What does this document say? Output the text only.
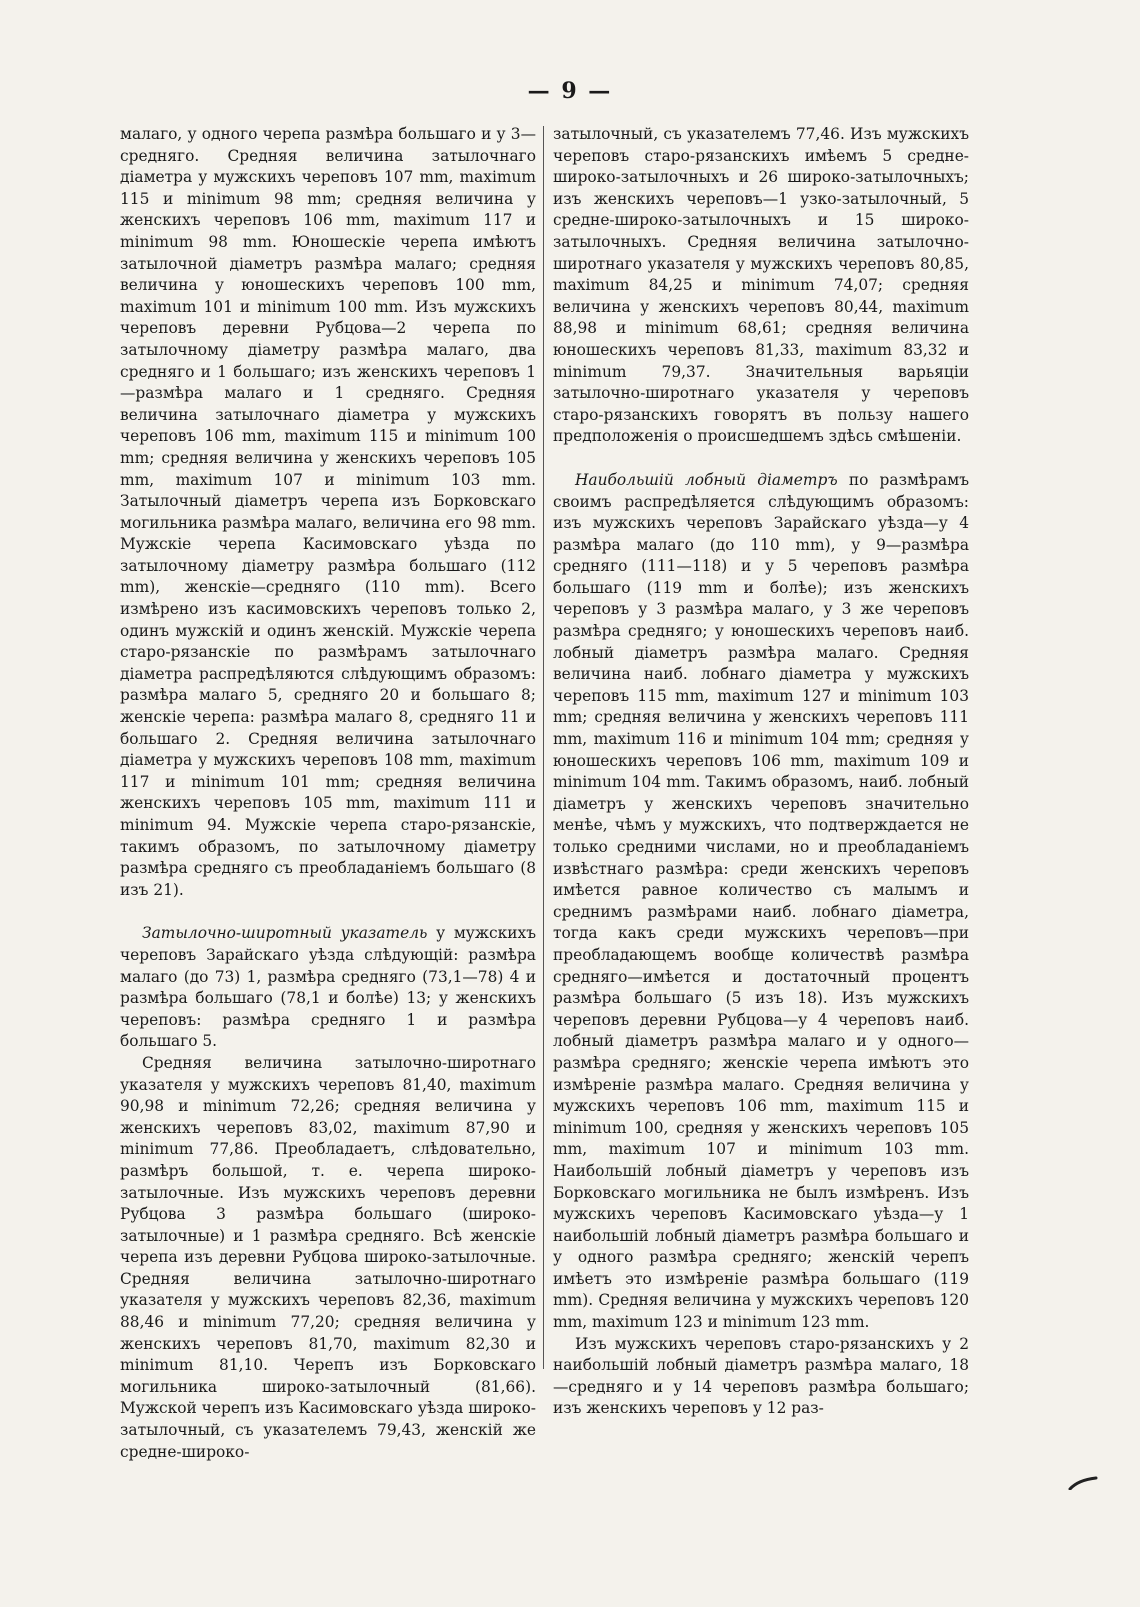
— 9 —

малаго, у одного черепа размѣра большаго и у 3—средняго. Средняя величина затылочнаго діаметра у мужскихъ череповъ 107 mm, maximum 115 и minimum 98 mm; средняя величина у женскихъ череповъ 106 mm, maximum 117 и minimum 98 mm. Юношескіе черепа имѣютъ затылочной діаметръ размѣра малаго; средняя величина у юношескихъ череповъ 100 mm, maximum 101 и minimum 100 mm. Изъ мужскихъ череповъ деревни Рубцова—2 черепа по затылочному діаметру размѣра малаго, два средняго и 1 большаго; изъ женскихъ череповъ 1—размѣра малаго и 1 средняго. Средняя величина затылочнаго діаметра у мужскихъ череповъ 106 mm, maximum 115 и minimum 100 mm; средняя величина у женскихъ череповъ 105 mm, maximum 107 и minimum 103 mm. Затылочный діаметръ черепа изъ Борковскаго могильника размѣра малаго, величина его 98 mm. Мужскіе черепа Касимовскаго уѣзда по затылочному діаметру размѣра большаго (112 mm), женскіе—средняго (110 mm). Всего измѣрено изъ касимовскихъ череповъ только 2, одинъ мужскій и одинъ женскій. Мужскіе черепа старо-рязанскіе по размѣрамъ затылочнаго діаметра распредѣляются слѣдующимъ образомъ: размѣра малаго 5, средняго 20 и большаго 8; женскіе черепа: размѣра малаго 8, средняго 11 и большаго 2. Средняя величина затылочнаго діаметра у мужскихъ череповъ 108 mm, maximum 117 и minimum 101 mm; средняя величина женскихъ череповъ 105 mm, maximum 111 и minimum 94. Мужскіе черепа старо-рязанскіе, такимъ образомъ, по затылочному діаметру размѣра средняго съ преобладаніемъ большаго (8 изъ 21).

Затылочно-широтный указатель у мужскихъ череповъ Зарайскаго уѣзда слѣдующій: размѣра малаго (до 73) 1, размѣра средняго (73,1—78) 4 и размѣра большаго (78,1 и болѣе) 13; у женскихъ череповъ: размѣра средняго 1 и размѣра большаго 5.

Средняя величина затылочно-широтнаго указателя у мужскихъ череповъ 81,40, maximum 90,98 и minimum 72,26; средняя величина у женскихъ череповъ 83,02, maximum 87,90 и minimum 77,86. Преобладаетъ, слѣдовательно, размѣръ большой, т. е. черепа широко-затылочные. Изъ мужскихъ череповъ деревни Рубцова 3 размѣра большаго (широко-затылочные) и 1 размѣра средняго. Всѣ женскіе черепа изъ деревни Рубцова широко-затылочные. Средняя величина затылочно-широтнаго указателя у мужскихъ череповъ 82,36, maximum 88,46 и minimum 77,20; средняя величина у женскихъ череповъ 81,70, maximum 82,30 и minimum 81,10. Черепъ изъ Борковскаго могильника широко-затылочный (81,66). Мужской черепъ изъ Касимовскаго уѣзда широко-затылочный, съ указателемъ 79,43, женскій же средне-широко-

затылочный, съ указателемъ 77,46. Изъ мужскихъ череповъ старо-рязанскихъ имѣемъ 5 средне-широко-затылочныхъ и 26 широко-затылочныхъ; изъ женскихъ череповъ—1 узко-затылочный, 5 средне-широко-затылочныхъ и 15 широко-затылочныхъ. Средняя величина затылочно-широтнаго указателя у мужскихъ череповъ 80,85, maximum 84,25 и minimum 74,07; средняя величина у женскихъ череповъ 80,44, maximum 88,98 и minimum 68,61; средняя величина юношескихъ череповъ 81,33, maximum 83,32 и minimum 79,37. Значительныя варьяціи затылочно-широтнаго указателя у череповъ старо-рязанскихъ говорятъ въ пользу нашего предположенія о происшедшемъ здѣсь смѣшеніи.

Наибольшій лобный діаметръ по размѣрамъ своимъ распредѣляется слѣдующимъ образомъ: изъ мужскихъ череповъ Зарайскаго уѣзда—у 4 размѣра малаго (до 110 mm), у 9—размѣра средняго (111—118) и у 5 череповъ размѣра большаго (119 mm и болѣе); изъ женскихъ череповъ у 3 размѣра малаго, у 3 же череповъ размѣра средняго; у юношескихъ череповъ наиб. лобный діаметръ размѣра малаго. Средняя величина наиб. лобнаго діаметра у мужскихъ череповъ 115 mm, maximum 127 и minimum 103 mm; средняя величина у женскихъ череповъ 111 mm, maximum 116 и minimum 104 mm; средняя у юношескихъ череповъ 106 mm, maximum 109 и minimum 104 mm. Такимъ образомъ, наиб. лобный діаметръ у женскихъ череповъ значительно менѣе, чѣмъ у мужскихъ, что подтверждается не только средними числами, но и преобладаніемъ извѣстнаго размѣра: среди женскихъ череповъ имѣется равное количество съ малымъ и среднимъ размѣрами наиб. лобнаго діаметра, тогда какъ среди мужскихъ череповъ—при преобладающемъ вообще количествѣ размѣра средняго—имѣется и достаточный процентъ размѣра большаго (5 изъ 18). Изъ мужскихъ череповъ деревни Рубцова—у 4 череповъ наиб. лобный діаметръ размѣра малаго и у одного—размѣра средняго; женскіе черепа имѣютъ это измѣреніе размѣра малаго. Средняя величина у мужскихъ череповъ 106 mm, maximum 115 и minimum 100, средняя у женскихъ череповъ 105 mm, maximum 107 и minimum 103 mm. Наибольшій лобный діаметръ у череповъ изъ Борковскаго могильника не былъ измѣренъ. Изъ мужскихъ череповъ Касимовскаго уѣзда—у 1 наибольшій лобный діаметръ размѣра большаго и у одного размѣра средняго; женскій черепъ имѣетъ это измѣреніе размѣра большаго (119 mm). Средняя величина у мужскихъ череповъ 120 mm, maximum 123 и minimum 123 mm.

Изъ мужскихъ череповъ старо-рязанскихъ у 2 наибольшій лобный діаметръ размѣра малаго, 18—средняго и у 14 череповъ размѣра большаго; изъ женскихъ череповъ у 12 раз-
